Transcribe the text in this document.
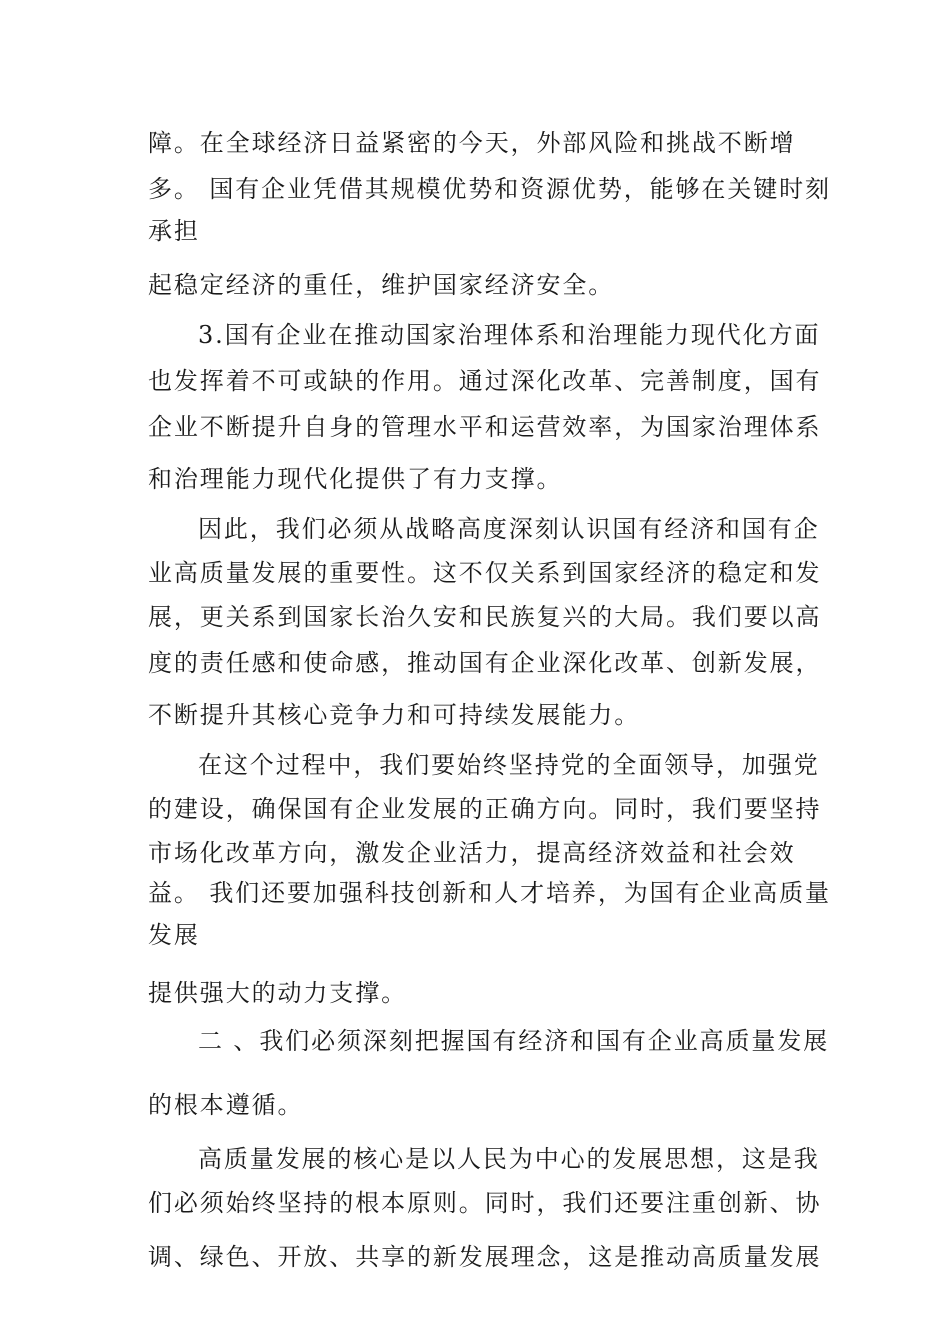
障。在全球经济日益紧密的今天，外部风险和挑战不断增
多。 国有企业凭借其规模优势和资源优势，能够在关键时刻
承担
起稳定经济的重任，维护国家经济安全。
3.国有企业在推动国家治理体系和治理能力现代化方面
也发挥着不可或缺的作用。通过深化改革、完善制度，国有
企业不断提升自身的管理水平和运营效率，为国家治理体系
和治理能力现代化提供了有力支撑。
因此，我们必须从战略高度深刻认识国有经济和国有企
业高质量发展的重要性。这不仅关系到国家经济的稳定和发
展，更关系到国家长治久安和民族复兴的大局。我们要以高
度的责任感和使命感，推动国有企业深化改革、创新发展，
不断提升其核心竞争力和可持续发展能力。
在这个过程中，我们要始终坚持党的全面领导，加强党
的建设，确保国有企业发展的正确方向。同时，我们要坚持
市场化改革方向，激发企业活力，提高经济效益和社会效
益。 我们还要加强科技创新和人才培养，为国有企业高质量
发展
提供强大的动力支撑。
二 、我们必须深刻把握国有经济和国有企业高质量发展
的根本遵循。
高质量发展的核心是以人民为中心的发展思想，这是我
们必须始终坚持的根本原则。同时，我们还要注重创新、协
调、绿色、开放、共享的新发展理念，这是推动高质量发展
